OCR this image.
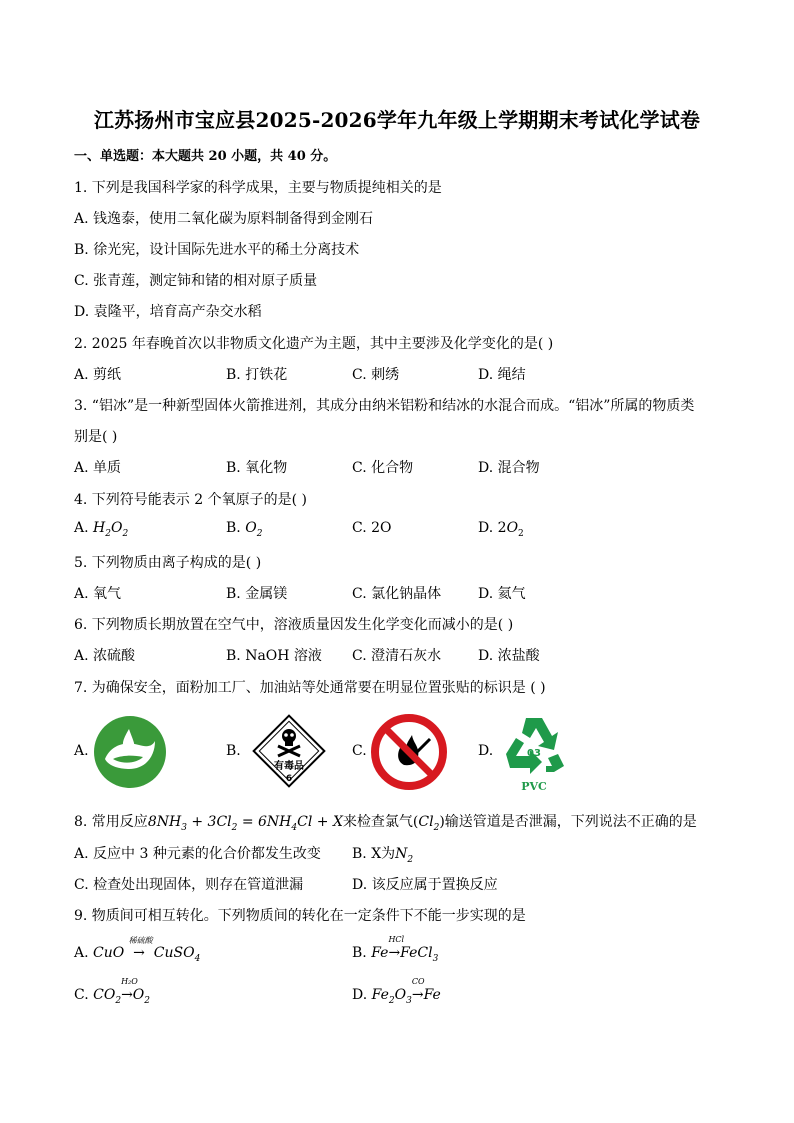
江苏扬州市宝应县2025-2026学年九年级上学期期末考试化学试卷
一、单选题：本大题共 20 小题，共 40 分。
1. 下列是我国科学家的科学成果，主要与物质提纯相关的是
A. 钱逸泰，使用二氧化碳为原料制备得到金刚石
B. 徐光宪，设计国际先进水平的稀土分离技术
C. 张青莲，测定铈和锗的相对原子质量
D. 袁隆平，培育高产杂交水稻
2. 2025 年春晚首次以非物质文化遗产为主题，其中主要涉及化学变化的是( )
A. 剪纸	B. 打铁花	C. 刺绣	D. 绳结
3. “铝冰”是一种新型固体火箭推进剂，其成分由纳米铝粉和结冰的水混合而成。“铝冰”所属的物质类
别是( )
A. 单质	B. 氧化物	C. 化合物	D. 混合物
4. 下列符号能表示 2 个氧原子的是( )
A. $H_2O_2$	B. $O_2$	C. 2O	D. $2O_2$
5. 下列物质由离子构成的是( )
A. 氧气	B. 金属镁	C. 氯化钠晶体	D. 氦气
6. 下列物质长期放置在空气中，溶液质量因发生化学变化而减小的是( )
A. 浓硫酸	B. NaOH 溶液 C. 澄清石灰水	D. 浓盐酸
7. 为确保安全，面粉加工厂、加油站等处通常要在明显位置张贴的标识是 ( )
A.	B.
有毒品
6
C.	D.	03
PVC
8. 常用反应$8NH_3 + 3Cl_2 = 6NH_4Cl + X$来检查氯气$(Cl_2)$输送管道是否泄漏，下列说法不正确的是
A. 反应中 3 种元素的化合价都发生改变 B. X为$N_2$
C. 检查处出现固体，则存在管道泄漏	D. 该反应属于置换反应
9. 物质间可相互转化。下列物质间的转化在一定条件下不能一步实现的是
A. CuO
稀硫酸
→  CuSO$_4$	B. Fe
HCl
→FeCl$_3$
C. $CO_2$
H₂O
$\to O_2$	D. $Fe_2O_3$
CO
→Fe
